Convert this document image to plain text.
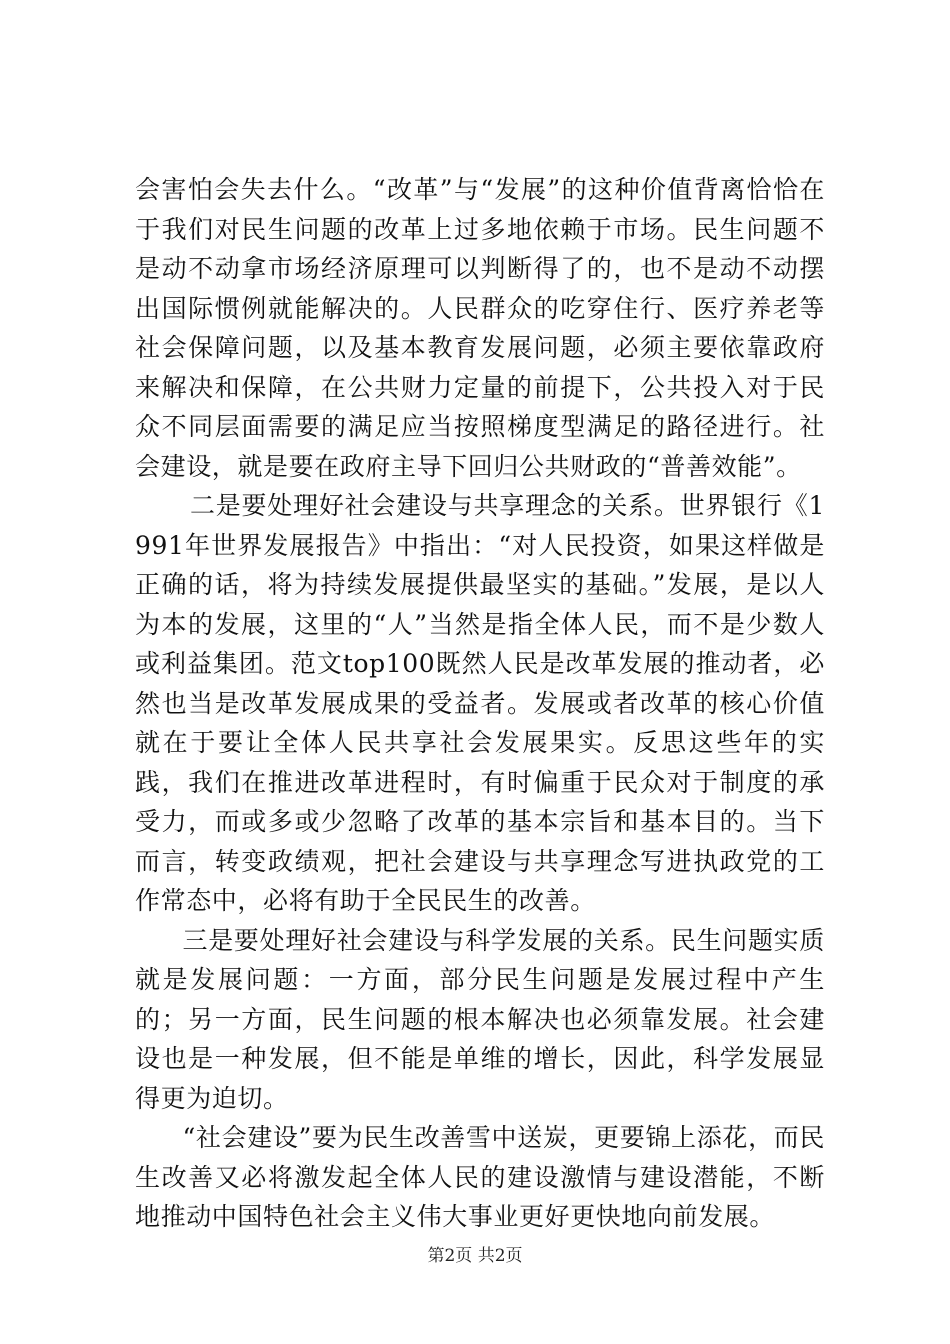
会害怕会失去什么。“改革”与“发展”的这种价值背离恰恰在于我们对民生问题的改革上过多地依赖于市场。民生问题不是动不动拿市场经济原理可以判断得了的，也不是动不动摆出国际惯例就能解决的。人民群众的吃穿住行、医疗养老等社会保障问题，以及基本教育发展问题，必须主要依靠政府来解决和保障，在公共财力定量的前提下，公共投入对于民众不同层面需要的满足应当按照梯度型满足的路径进行。社会建设，就是要在政府主导下回归公共财政的“普善效能”。

二是要处理好社会建设与共享理念的关系。世界银行《1991年世界发展报告》中指出：“对人民投资，如果这样做是正确的话，将为持续发展提供最坚实的基础。”发展，是以人为本的发展，这里的“人”当然是指全体人民，而不是少数人或利益集团。范文top100既然人民是改革发展的推动者，必然也当是改革发展成果的受益者。发展或者改革的核心价值就在于要让全体人民共享社会发展果实。反思这些年的实践，我们在推进改革进程时，有时偏重于民众对于制度的承受力，而或多或少忽略了改革的基本宗旨和基本目的。当下而言，转变政绩观，把社会建设与共享理念写进执政党的工作常态中，必将有助于全民民生的改善。

三是要处理好社会建设与科学发展的关系。民生问题实质就是发展问题：一方面，部分民生问题是发展过程中产生的；另一方面，民生问题的根本解决也必须靠发展。社会建设也是一种发展，但不能是单维的增长，因此，科学发展显得更为迫切。

“社会建设”要为民生改善雪中送炭，更要锦上添花，而民生改善又必将激发起全体人民的建设激情与建设潜能，不断地推动中国特色社会主义伟大事业更好更快地向前发展。

第2页 共2页
